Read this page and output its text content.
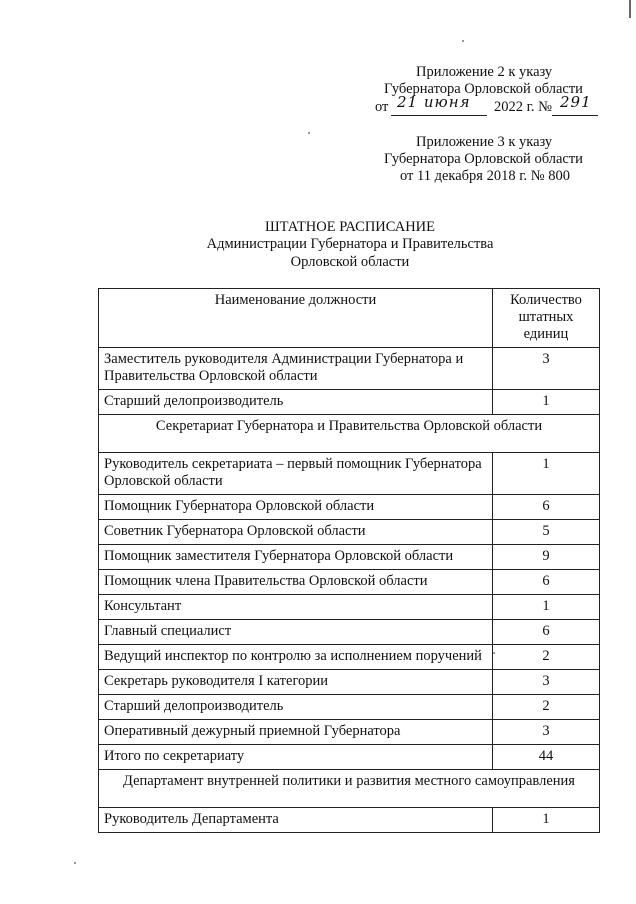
Приложение 2 к указу
Губернатора Орловской области
от 21 июня 2022 г. № 291
Приложение 3 к указу
Губернатора Орловской области
от 11 декабря 2018 г. № 800
ШТАТНОЕ РАСПИСАНИЕ
Администрации Губернатора и Правительства
Орловской области
Наименование должности	Количество штатных единиц
Заместитель руководителя Администрации Губернатора и Правительства Орловской области	3
Старший делопроизводитель	1
Секретариат Губернатора и Правительства Орловской области	
Руководитель секретариата – первый помощник Губернатора Орловской области	1
Помощник Губернатора Орловской области	6
Советник Губернатора Орловской области	5
Помощник заместителя Губернатора Орловской области	9
Помощник члена Правительства Орловской области	6
Консультант	1
Главный специалист	6
Ведущий инспектор по контролю за исполнением поручений	2
Секретарь руководителя I категории	3
Старший делопроизводитель	2
Оперативный дежурный приемной Губернатора	3
Итого по секретариату	44
Департамент внутренней политики и развития местного самоуправления	
Руководитель Департамента	1
